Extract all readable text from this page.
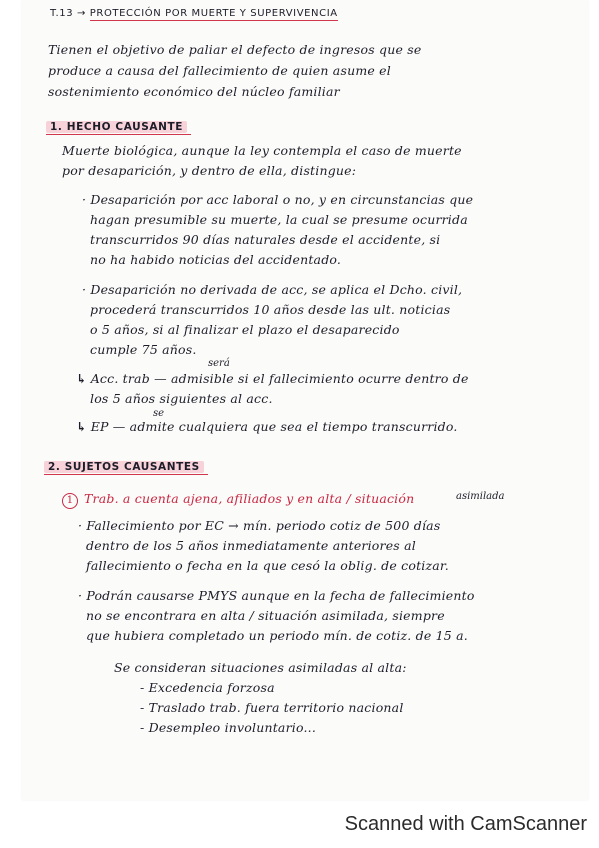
T.13 → PROTECCIÓN POR MUERTE Y SUPERVIVENCIA
Tienen el objetivo de paliar el defecto de ingresos que se
produce a causa del fallecimiento de quien asume el
sostenimiento económico del núcleo familiar
1. HECHO CAUSANTE
Muerte biológica, aunque la ley contempla el caso de muerte
por desaparición, y dentro de ella, distingue:
· Desaparición por acc laboral o no, y en circunstancias que
hagan presumible su muerte, la cual se presume ocurrida
transcurridos 90 días naturales desde el accidente, si
no ha habido noticias del accidentado.
· Desaparición no derivada de acc, se aplica el Dcho. civil,
procederá transcurridos 10 años desde las ult. noticias
o 5 años, si al finalizar el plazo el desaparecido
cumple 75 años.
será
↳ Acc. trab — admisible si el fallecimiento ocurre dentro de
los 5 años siguientes al acc.
se
↳ EP — admite cualquiera que sea el tiempo transcurrido.
2. SUJETOS CAUSANTES
1 Trab. a cuenta ajena, afiliados y en alta / situación	asimilada
· Fallecimiento por EC → mín. periodo cotiz de 500 días
dentro de los 5 años inmediatamente anteriores al
fallecimiento o fecha en la que cesó la oblig. de cotizar.
· Podrán causarse PMYS aunque en la fecha de fallecimiento
no se encontrara en alta / situación asimilada, siempre
que hubiera completado un periodo mín. de cotiz. de 15 a.
Se consideran situaciones asimiladas al alta:
- Excedencia forzosa
- Traslado trab. fuera territorio nacional
- Desempleo involuntario...
Scanned with CamScanner
